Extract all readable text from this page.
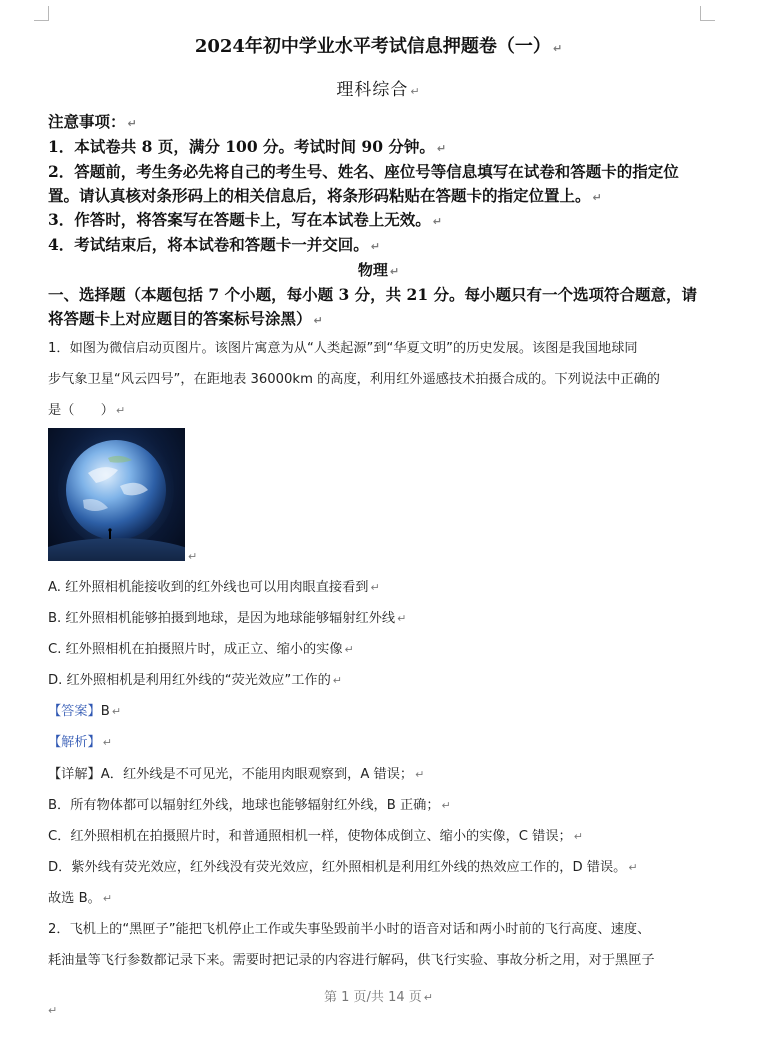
2024年初中学业水平考试信息押题卷（一） ↵
理科综合 ↵
注意事项： ↵
1．本试卷共 8 页，满分 100 分。考试时间 90 分钟。 ↵
2．答题前，考生务必先将自己的考生号、姓名、座位号等信息填写在试卷和答题卡的指定位
置。请认真核对条形码上的相关信息后，将条形码粘贴在答题卡的指定位置上。 ↵
3．作答时，将答案写在答题卡上，写在本试卷上无效。 ↵
4．考试结束后，将本试卷和答题卡一并交回。 ↵
物理 ↵
一、选择题（本题包括 7 个小题，每小题 3 分，共 21 分。每小题只有一个选项符合题意，请
将答题卡上对应题目的答案标号涂黑） ↵
1．如图为微信启动页图片。该图片寓意为从“人类起源”到“华夏文明”的历史发展。该图是我国地球同
步气象卫星“风云四号”，在距地表 36000km 的高度，利用红外遥感技术拍摄合成的。下列说法中正确的
是（　　） ↵
↵
A. 红外照相机能接收到的红外线也可以用肉眼直接看到 ↵
B. 红外照相机能够拍摄到地球，是因为地球能够辐射红外线 ↵
C. 红外照相机在拍摄照片时，成正立、缩小的实像 ↵
D. 红外照相机是利用红外线的“荧光效应”工作的 ↵
【答案】B ↵
【解析】 ↵
【详解】A．红外线是不可见光，不能用肉眼观察到，A 错误； ↵
B．所有物体都可以辐射红外线，地球也能够辐射红外线，B 正确； ↵
C．红外照相机在拍摄照片时，和普通照相机一样，使物体成倒立、缩小的实像，C 错误； ↵
D．紫外线有荧光效应，红外线没有荧光效应，红外照相机是利用红外线的热效应工作的，D 错误。 ↵
故选 B。 ↵
2．飞机上的“黑匣子”能把飞机停止工作或失事坠毁前半小时的语音对话和两小时前的飞行高度、速度、
耗油量等飞行参数都记录下来。需要时把记录的内容进行解码，供飞行实验、事故分析之用，对于黑匣子
第 1 页/共 14 页 ↵
↵
